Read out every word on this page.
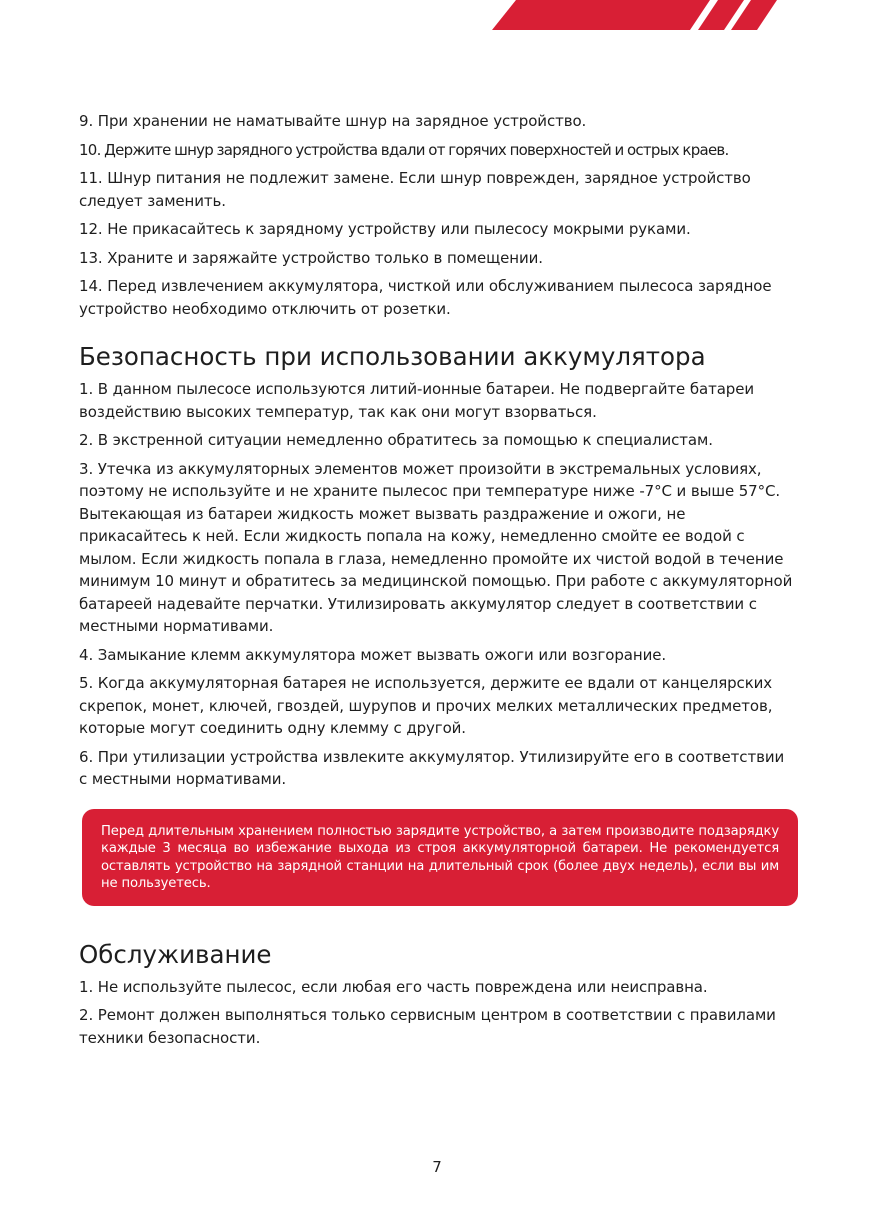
9. При хранении не наматывайте шнур на зарядное устройство.

10. Держите шнур зарядного устройства вдали от горячих поверхностей и острых краев.

11. Шнур питания не подлежит замене. Если шнур поврежден, зарядное устройство следует заменить.

12. Не прикасайтесь к зарядному устройству или пылесосу мокрыми руками.

13. Храните и заряжайте устройство только в помещении.

14. Перед извлечением аккумулятора, чисткой или обслуживанием пылесоса зарядное устройство необходимо отключить от розетки.

Безопасность при использовании аккумулятора

1. В данном пылесосе используются литий-ионные батареи. Не подвергайте батареи воздействию высоких температур, так как они могут взорваться.

2. В экстренной ситуации немедленно обратитесь за помощью к специалистам.

3. Утечка из аккумуляторных элементов может произойти в экстремальных условиях, поэтому не используйте и не храните пылесос при температуре ниже -7°C и выше 57°C. Вытекающая из батареи жидкость может вызвать раздражение и ожоги, не прикасайтесь к ней. Если жидкость попала на кожу, немедленно смойте ее водой с мылом. Если жидкость попала в глаза, немедленно промойте их чистой водой в течение минимум 10 минут и обратитесь за медицинской помощью. При работе с аккумуляторной батареей надевайте перчатки. Утилизировать аккумулятор следует в соответствии с местными нормативами.

4. Замыкание клемм аккумулятора может вызвать ожоги или возгорание.

5. Когда аккумуляторная батарея не используется, держите ее вдали от канцелярских скрепок, монет, ключей, гвоздей, шурупов и прочих мелких металлических предметов, которые могут соединить одну клемму с другой.

6. При утилизации устройства извлеките аккумулятор. Утилизируйте его в соответствии с местными нормативами.

Перед длительным хранением полностью зарядите устройство, а затем производите подзарядку каждые 3 месяца во избежание выхода из строя аккумуляторной батареи. Не рекомендуется оставлять устройство на зарядной станции на длительный срок (более двух недель), если вы им не пользуетесь.
Обслуживание

1. Не используйте пылесос, если любая его часть повреждена или неисправна.

2. Ремонт должен выполняться только сервисным центром в соответствии с правилами техники безопасности.

7
